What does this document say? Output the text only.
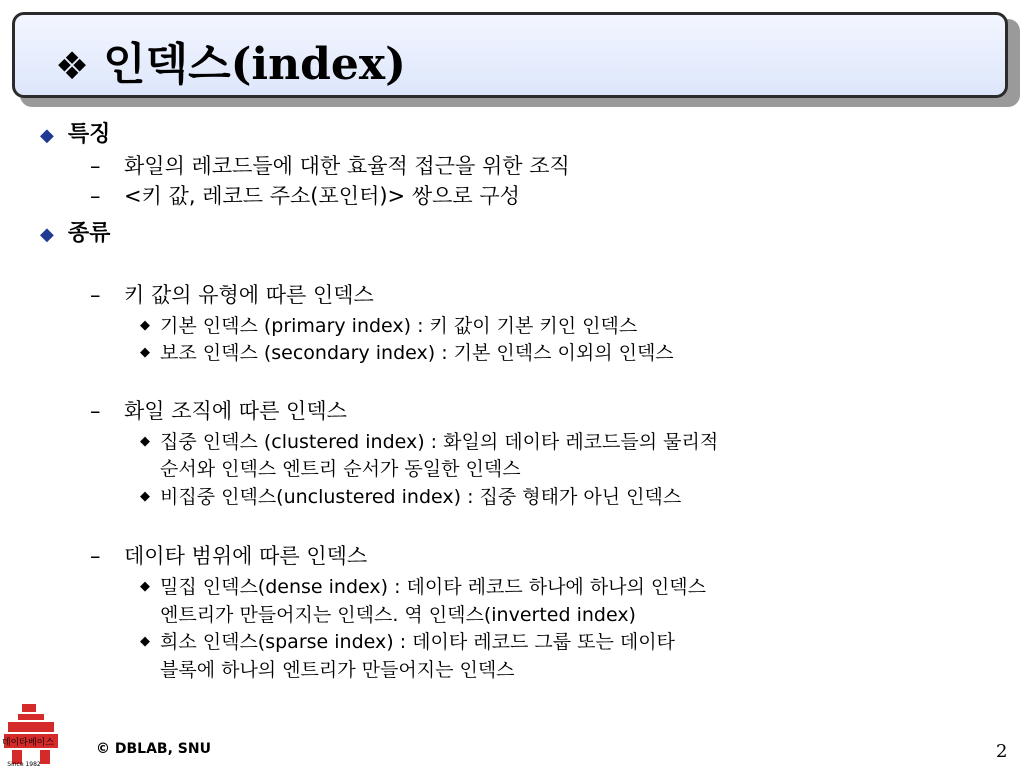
❖ 인덱스(index)
◆ 특징
– 화일의 레코드들에 대한 효율적 접근을 위한 조직
– <키 값, 레코드 주소(포인터)> 쌍으로 구성
◆ 종류
– 키 값의 유형에 따른 인덱스
◆ 기본 인덱스 (primary index) : 키 값이 기본 키인 인덱스
◆ 보조 인덱스 (secondary index) : 기본 인덱스 이외의 인덱스
– 화일 조직에 따른 인덱스
◆ 집중 인덱스 (clustered index) : 화일의 데이타 레코드들의 물리적
순서와 인덱스 엔트리 순서가 동일한 인덱스
◆ 비집중 인덱스(unclustered index) : 집중 형태가 아닌 인덱스
– 데이타 범위에 따른 인덱스
◆ 밀집 인덱스(dense index) : 데이타 레코드 하나에 하나의 인덱스
엔트리가 만들어지는 인덱스. 역 인덱스(inverted index)
◆ 희소 인덱스(sparse index) : 데이타 레코드 그룹 또는 데이타
블록에 하나의 엔트리가 만들어지는 인덱스
데이타베이스
Since 1982
© DBLAB, SNU	2
